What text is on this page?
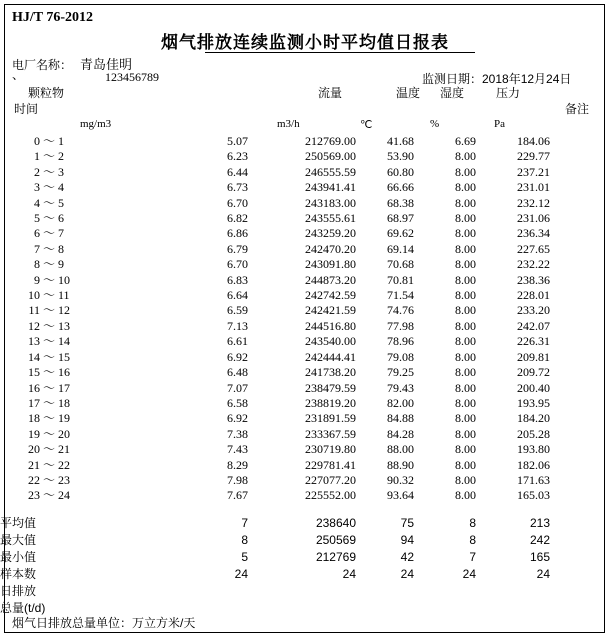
HJ/T 76-2012
烟气排放连续监测小时平均值日报表
电厂名称： 青岛佳明
、	123456789	监测日期：2018年12月24日
颗粒物	流量	温度 湿度	压力
时间	备注
mg/m3	m3/h	℃	%	Pa
0	～	1	5.07	212769.00	41.68	6.69	184.06	
1	～	2	6.23	250569.00	53.90	8.00	229.77	
2	～	3	6.44	246555.59	60.80	8.00	237.21	
3	～	4	6.73	243941.41	66.66	8.00	231.01	
4	～	5	6.70	243183.00	68.38	8.00	232.12	
5	～	6	6.82	243555.61	68.97	8.00	231.06	
6	～	7	6.86	243259.20	69.62	8.00	236.34	
7	～	8	6.79	242470.20	69.14	8.00	227.65	
8	～	9	6.70	243091.80	70.68	8.00	232.22	
9	～	10	6.83	244873.20	70.81	8.00	238.36	
10	～	11	6.64	242742.59	71.54	8.00	228.01	
11	～	12	6.59	242421.59	74.76	8.00	233.20	
12	～	13	7.13	244516.80	77.98	8.00	242.07	
13	～	14	6.61	243540.00	78.96	8.00	226.31	
14	～	15	6.92	242444.41	79.08	8.00	209.81	
15	～	16	6.48	241738.20	79.25	8.00	209.72	
16	～	17	7.07	238479.59	79.43	8.00	200.40	
17	～	18	6.58	238819.20	82.00	8.00	193.95	
18	～	19	6.92	231891.59	84.88	8.00	184.20	
19	～	20	7.38	233367.59	84.28	8.00	205.28	
20	～	21	7.43	230719.80	88.00	8.00	193.80	
21	～	22	8.29	229781.41	88.90	8.00	182.06	
22	～	23	7.98	227077.20	90.32	8.00	171.63	
23	～	24	7.67	225552.00	93.64	8.00	165.03	
平均值	7	238640	75	8	213	
最大值	8	250569	94	8	242	
最小值	5	212769	42	7	165	
样本数	24	24	24	24	24	
日排放						
总量(t/d)						
烟气日排放总量单位：万立方米/天
